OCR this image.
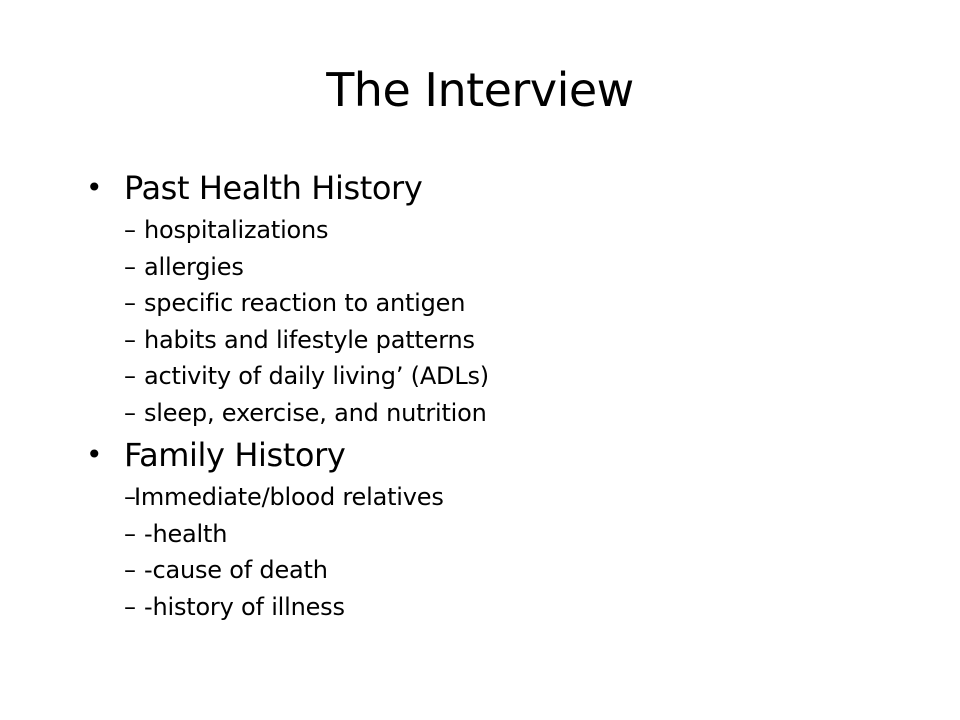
The Interview
• Past Health History
– hospitalizations
– allergies
– specific reaction to antigen
– habits and lifestyle patterns
– activity of daily living’ (ADLs)
– sleep, exercise, and nutrition
• Family History
–
Immediate/blood relatives
– -health
– -cause of death
– -history of illness
